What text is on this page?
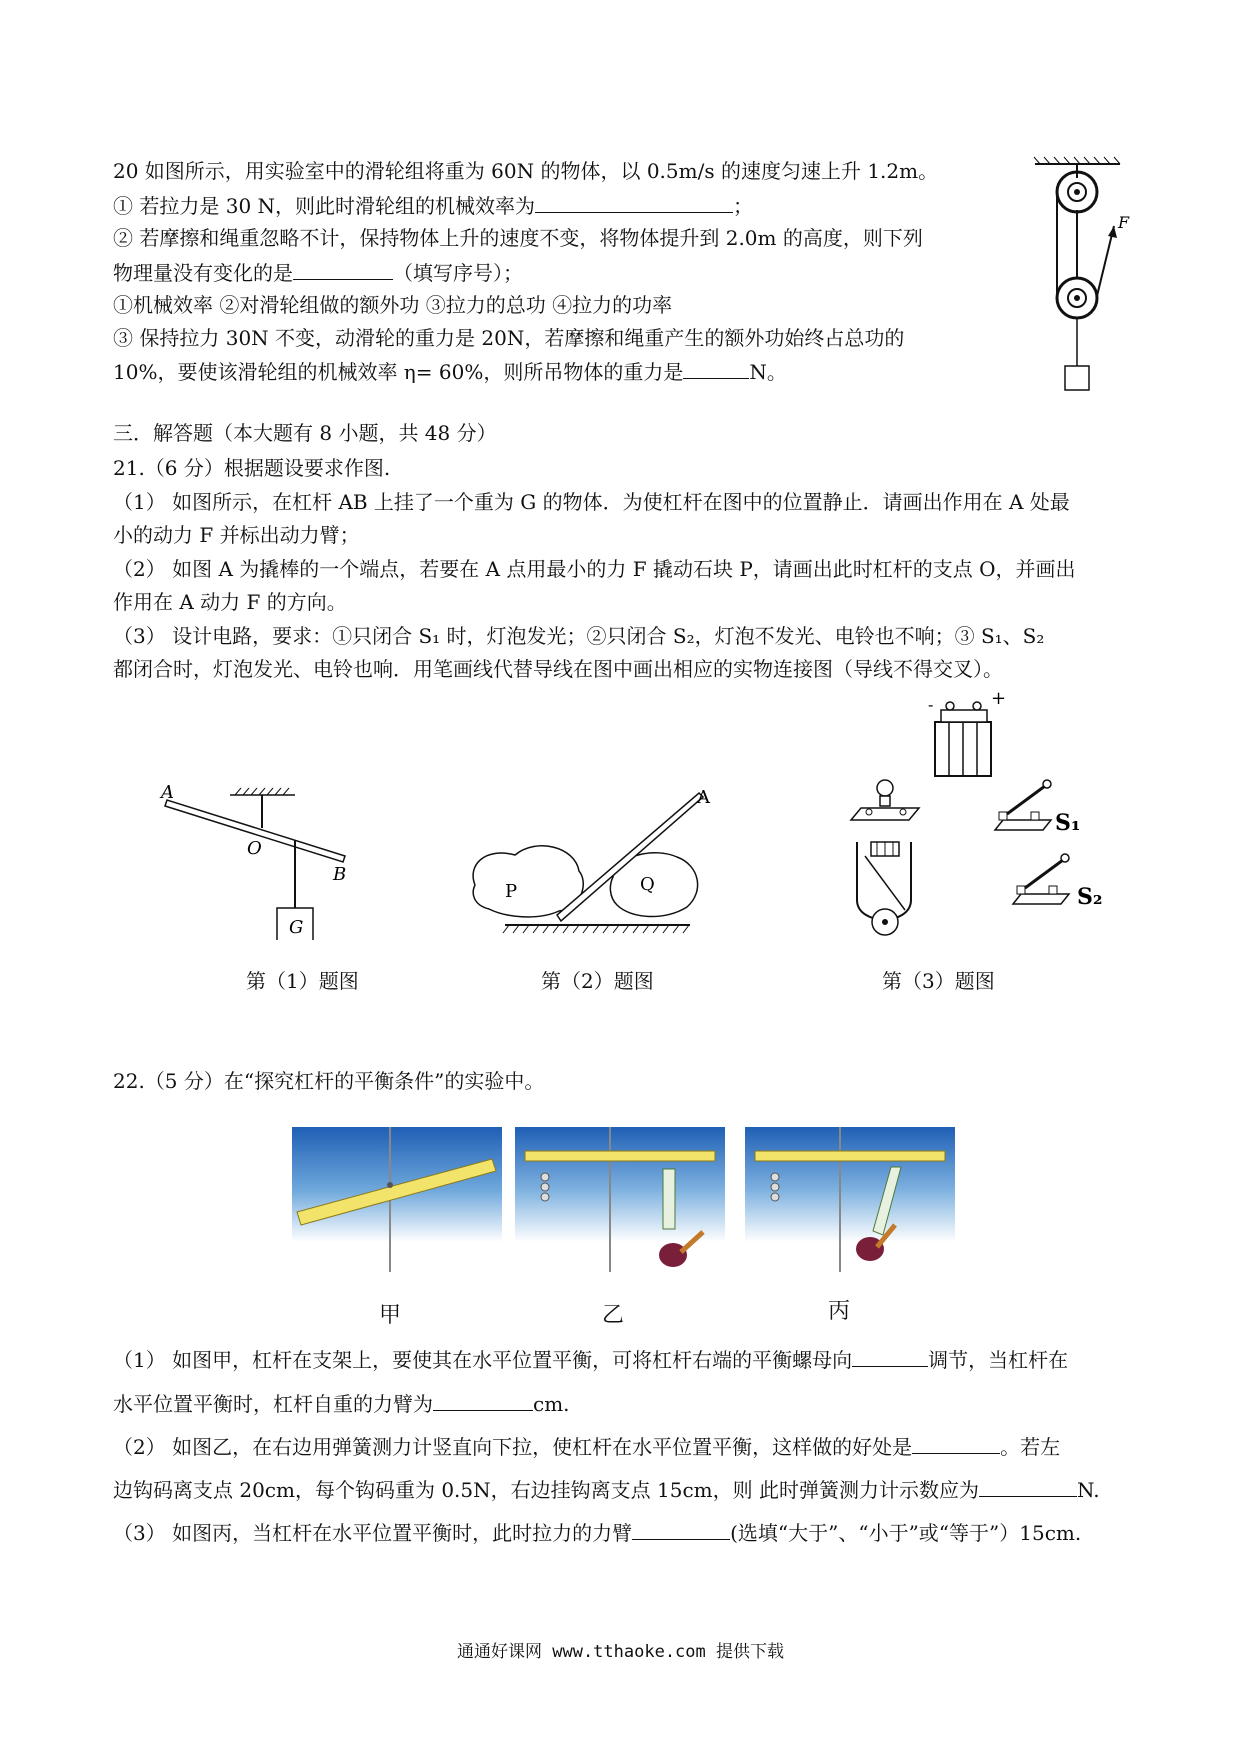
20 如图所示，用实验室中的滑轮组将重为 60N 的物体，以 0.5m/s 的速度匀速上升 1.2m。
① 若拉力是 30 N，则此时滑轮组的机械效率为	；
② 若摩擦和绳重忽略不计，保持物体上升的速度不变，将物体提升到 2.0m 的高度，则下列
物理量没有变化的是	（填写序号）；
①机械效率 ②对滑轮组做的额外功 ③拉力的总功 ④拉力的功率
③ 保持拉力 30N 不变，动滑轮的重力是 20N，若摩擦和绳重产生的额外功始终占总功的
10%，要使该滑轮组的机械效率 η= 60%，则所吊物体的重力是	N。
F
三．解答题（本大题有 8 小题，共 48 分）
21.（6 分）根据题设要求作图.
（1） 如图所示，在杠杆 AB 上挂了一个重为 G 的物体．为使杠杆在图中的位置静止．请画出作用在 A 处最
小的动力 F 并标出动力臂；
（2） 如图 A 为撬棒的一个端点，若要在 A 点用最小的力 F 撬动石块 P，请画出此时杠杆的支点 O，并画出
作用在 A 动力 F 的方向。
（3） 设计电路，要求：①只闭合 S₁ 时，灯泡发光；②只闭合 S₂，灯泡不发光、电铃也不响；③ S₁、S₂
都闭合时，灯泡发光、电铃也响．用笔画线代替导线在图中画出相应的实物连接图（导线不得交叉）。
A
O
B
G
第（1）题图
P	Q
A
第（2）题图
+
-
S₁
S₂
第（3）题图
22.（5 分）在“探究杠杆的平衡条件”的实验中。
甲	乙	丙
（1） 如图甲，杠杆在支架上，要使其在水平位置平衡，可将杠杆右端的平衡螺母向	调节，当杠杆在
水平位置平衡时，杠杆自重的力臂为	cm.
（2） 如图乙，在右边用弹簧测力计竖直向下拉，使杠杆在水平位置平衡，这样做的好处是	。若左
边钩码离支点 20cm，每个钩码重为 0.5N，右边挂钩离支点 15cm，则 此时弹簧测力计示数应为	N.
（3） 如图丙，当杠杆在水平位置平衡时，此时拉力的力臂	(选填“大于”、“小于”或“等于”）15cm.
通通好课网 www.tthaoke.com 提供下载
